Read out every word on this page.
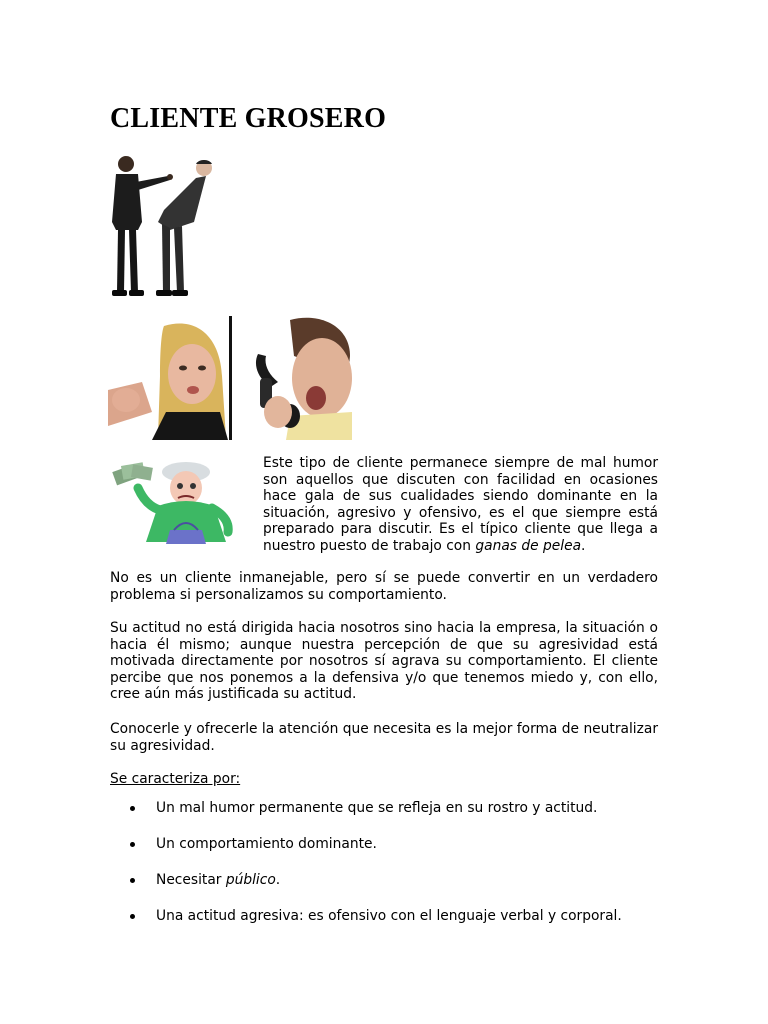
CLIENTE GROSERO

Este tipo de cliente permanece siempre de mal humor son aquellos que discuten con facilidad en ocasiones hace gala de sus cualidades siendo dominante en la situación, agresivo y ofensivo, es el que siempre está preparado para discutir. Es el típico cliente que llega a nuestro puesto de trabajo con ganas de pelea.

No es un cliente inmanejable, pero sí se puede convertir en un verdadero problema si personalizamos su comportamiento.

Su actitud no está dirigida hacia nosotros sino hacia la empresa, la situación o hacia él mismo; aunque nuestra percepción de que su agresividad está motivada directamente por nosotros sí agrava su comportamiento. El cliente percibe que nos ponemos a la defensiva y/o que tenemos miedo y, con ello, cree aún más justificada su actitud.

Conocerle y ofrecerle la atención que necesita es la mejor forma de neutralizar su agresividad.

Se caracteriza por:

Un mal humor permanente que se refleja en su rostro y actitud.
Un comportamiento dominante.
Necesitar público.
Una actitud agresiva: es ofensivo con el lenguaje verbal y corporal.
